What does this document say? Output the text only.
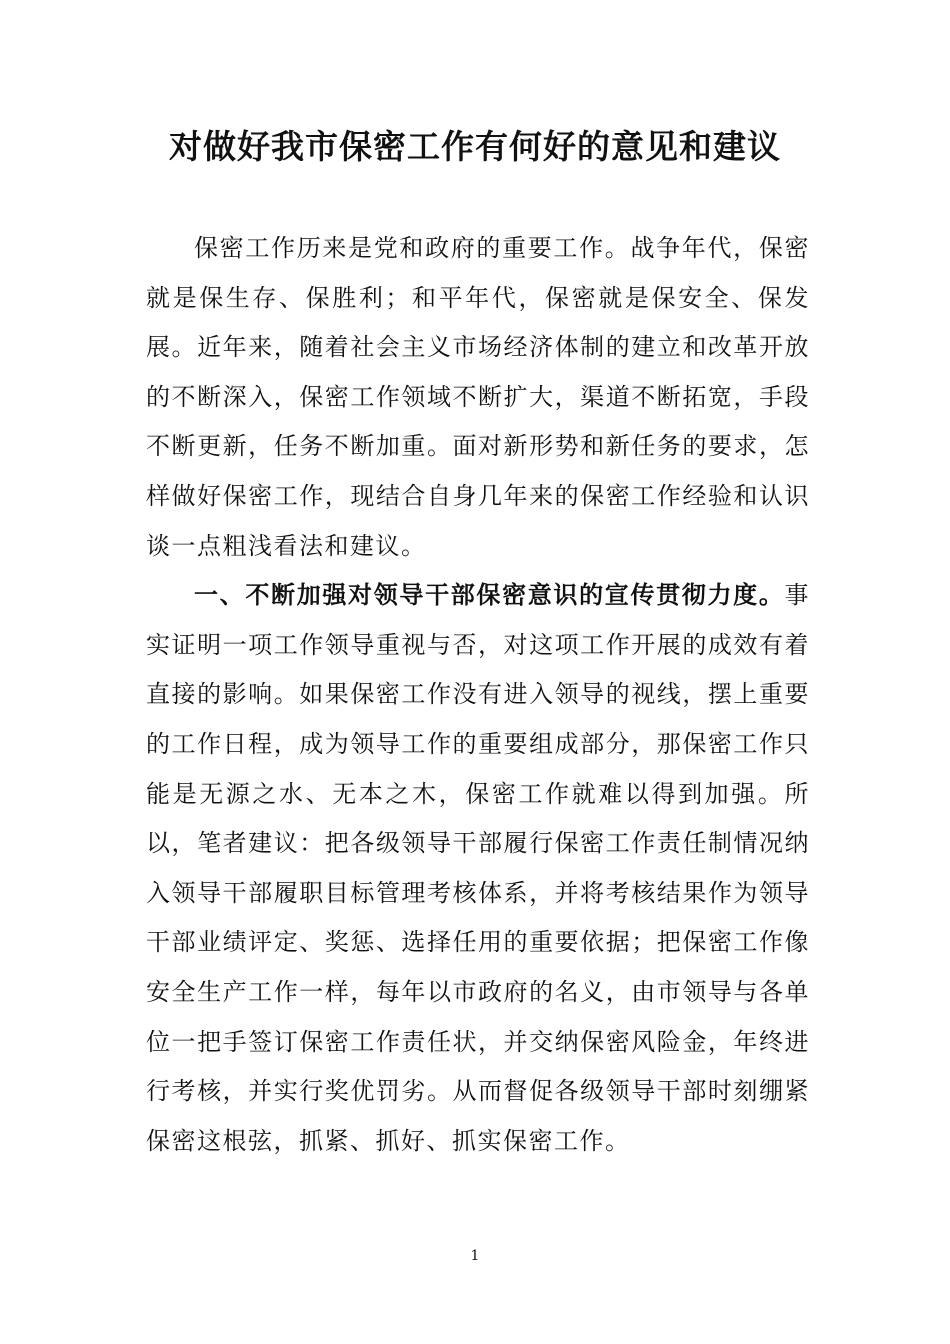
对做好我市保密工作有何好的意见和建议

保密工作历来是党和政府的重要工作。战争年代，保密就是保生存、保胜利；和平年代，保密就是保安全、保发展。近年来，随着社会主义市场经济体制的建立和改革开放的不断深入，保密工作领域不断扩大，渠道不断拓宽，手段不断更新，任务不断加重。面对新形势和新任务的要求，怎样做好保密工作，现结合自身几年来的保密工作经验和认识谈一点粗浅看法和建议。

一、不断加强对领导干部保密意识的宣传贯彻力度。事实证明一项工作领导重视与否，对这项工作开展的成效有着直接的影响。如果保密工作没有进入领导的视线，摆上重要的工作日程，成为领导工作的重要组成部分，那保密工作只能是无源之水、无本之木，保密工作就难以得到加强。所以，笔者建议：把各级领导干部履行保密工作责任制情况纳入领导干部履职目标管理考核体系，并将考核结果作为领导干部业绩评定、奖惩、选择任用的重要依据；把保密工作像安全生产工作一样，每年以市政府的名义，由市领导与各单位一把手签订保密工作责任状，并交纳保密风险金，年终进行考核，并实行奖优罚劣。从而督促各级领导干部时刻绷紧保密这根弦，抓紧、抓好、抓实保密工作。

1
